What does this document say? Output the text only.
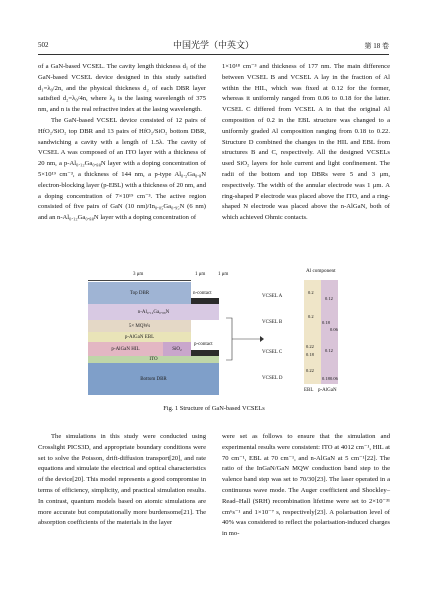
502	中国光学（中英文）	第 18 卷

of a GaN-based VCSEL. The cavity length thickness d₁ of the GaN-based VCSEL device designed in this study satisfied d₁=λ₀/2n, and the physical thickness d₂ of each DBR layer satisfied d₂=λ₀/4n, where λ₀ is the lasing wavelength of 375 nm, and n is the real refractive index at the lasing wavelength.

The GaN-based VCSEL device consisted of 12 pairs of HfO₂/SiO₂ top DBR and 13 pairs of HfO₂/SiO₂ bottom DBR, sandwiching a cavity with a length of 1.5λ. The cavity of VCSEL A was composed of an ITO layer with a thickness of 20 nm, a p-Al₀.₁₂Ga₀.₈₈N layer with a doping concentration of 5×10¹⁹ cm⁻³, a thickness of 144 nm, a p-type Al₀.₂Ga₀.₈N electron-blocking layer (p-EBL) with a thickness of 20 nm, and a doping concentration of 7×10¹⁹ cm⁻³. The active region consisted of five pairs of GaN (10 nm)/In₀.₀₅Ga₀.₉₅N (6 nm) and an n-Al₀.₁₂Ga₀.₈₈N layer with a doping concentration of

1×10¹⁸ cm⁻³ and thickness of 177 nm. The main difference between VCSEL B and VCSEL A lay in the fraction of Al within the HIL, which was fixed at 0.12 for the former, whereas it uniformly ranged from 0.06 to 0.18 for the latter. VCSEL C differed from VCSEL A in that the original Al composition of 0.2 in the EBL structure was changed to a uniformly graded Al composition ranging from 0.18 to 0.22. Structure D combined the changes in the HIL and EBL from structures B and C, respectively. All the designed VCSELs used SiO₂ layers for hole current and light confinement. The radii of the bottom and top DBRs were 5 and 3 μm, respectively. The width of the annular electrode was 1 μm. A ring-shaped P electrode was placed above the ITO, and a ring-shaped N electrode was placed above the n-AlGaN, both of which achieved Ohmic contacts.

3 μm	1 μm	1 μm
Top DBR	n-contact
n-Al₀.₁₂Ga₀.₈₈N
5× MQWs
p-AlGaN EBL
p-AlGaN HIL	SiO₂
p-contact
ITO
Bottom DBR
Al component
VCSEL A
0.2
0.12
VCSEL B
0.2
0.18
0.06
VCSEL C
0.22
0.18
0.12
VCSEL D
0.22
0.18 0.06
EBL p-AlGaN
Fig. 1 Structure of GaN-based VCSELs

The simulations in this study were conducted using Crosslight PICS3D, and appropriate boundary conditions were set to solve the Poisson, drift-diffusion transport[20], and rate equations and simulate the electrical and optical characteristics of the device[20]. This model represents a good compromise in terms of efficiency, simplicity, and practical simulation results. In contrast, quantum models based on atomic simulations are more accurate but computationally more burdensome[21]. The absorption coefficients of the materials in the layer

were set as follows to ensure that the simulation and experimental results were consistent: ITO at 4012 cm⁻¹, HIL at 70 cm⁻¹, EBL at 70 cm⁻¹, and n-AlGaN at 5 cm⁻¹[22]. The ratio of the InGaN/GaN MQW conduction band step to the valence band step was set to 70/30[23]. The laser operated in a continuous wave mode. The Auger coefficient and Shockley–Read–Hall (SRH) recombination lifetime were set to 2×10⁻³¹ cm⁶s⁻¹ and 1×10⁻⁷ s, respectively[23]. A polarisation level of 40% was considered to reflect the polarisation-induced charges in mo-
